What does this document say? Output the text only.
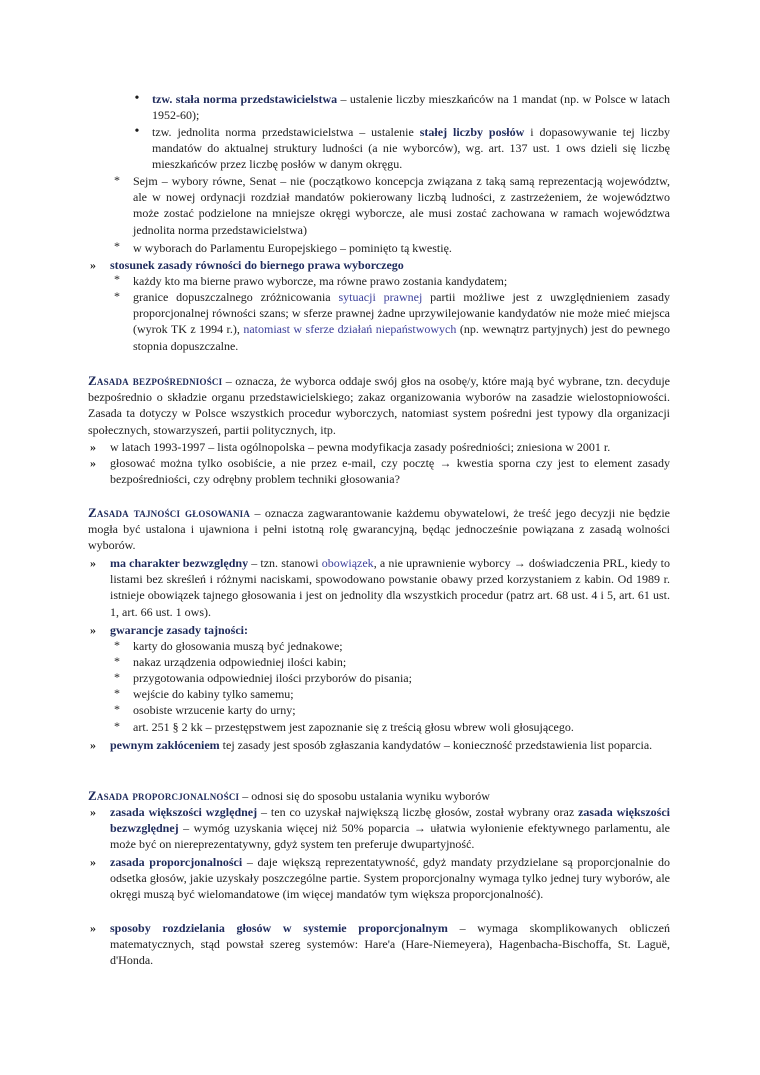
•	tzw. stała norma przedstawicielstwa – ustalenie liczby mieszkańców na 1 mandat (np. w Polsce w latach 1952-60);
•	tzw. jednolita norma przedstawicielstwa – ustalenie stałej liczby posłów i dopasowywanie tej liczby mandatów do aktualnej struktury ludności (a nie wyborców), wg. art. 137 ust. 1 ows dzieli się liczbę mieszkańców przez liczbę posłów w danym okręgu.
*	Sejm – wybory równe, Senat – nie (początkowo koncepcja związana z taką samą reprezentacją województw, ale w nowej ordynacji rozdział mandatów pokierowany liczbą ludności, z zastrzeżeniem, że województwo może zostać podzielone na mniejsze okręgi wyborcze, ale musi zostać zachowana w ramach województwa jednolita norma przedstawicielstwa)
*	w wyborach do Parlamentu Europejskiego – pominięto tą kwestię.
»	stosunek zasady równości do biernego prawa wyborczego
*	każdy kto ma bierne prawo wyborcze, ma równe prawo zostania kandydatem;
*	granice dopuszczalnego zróżnicowania sytuacji prawnej partii możliwe jest z uwzględnieniem zasady proporcjonalnej równości szans; w sferze prawnej żadne uprzywilejowanie kandydatów nie może mieć miejsca (wyrok TK z 1994 r.), natomiast w sferze działań niepaństwowych (np. wewnątrz partyjnych) jest do pewnego stopnia dopuszczalne.
Zasada bezpośredniości – oznacza, że wyborca oddaje swój głos na osobę/y, które mają być wybrane, tzn. decyduje bezpośrednio o składzie organu przedstawicielskiego; zakaz organizowania wyborów na zasadzie wielostopniowości. Zasada ta dotyczy w Polsce wszystkich procedur wyborczych, natomiast system pośredni jest typowy dla organizacji społecznych, stowarzyszeń, partii politycznych, itp.
»	w latach 1993-1997 – lista ogólnopolska – pewna modyfikacja zasady pośredniości; zniesiona w 2001 r.
»	głosować można tylko osobiście, a nie przez e-mail, czy pocztę → kwestia sporna czy jest to element zasady bezpośredniości, czy odrębny problem techniki głosowania?
Zasada tajności głosowania – oznacza zagwarantowanie każdemu obywatelowi, że treść jego decyzji nie będzie mogła być ustalona i ujawniona i pełni istotną rolę gwarancyjną, będąc jednocześnie powiązana z zasadą wolności wyborów.
»	ma charakter bezwzględny – tzn. stanowi obowiązek, a nie uprawnienie wyborcy → doświadczenia PRL, kiedy to listami bez skreśleń i różnymi naciskami, spowodowano powstanie obawy przed korzystaniem z kabin. Od 1989 r. istnieje obowiązek tajnego głosowania i jest on jednolity dla wszystkich procedur (patrz art. 68 ust. 4 i 5, art. 61 ust. 1, art. 66 ust. 1 ows).
»	gwarancje zasady tajności:
*	karty do głosowania muszą być jednakowe;
*	nakaz urządzenia odpowiedniej ilości kabin;
*	przygotowania odpowiedniej ilości przyborów do pisania;
*	wejście do kabiny tylko samemu;
*	osobiste wrzucenie karty do urny;
*	art. 251 § 2 kk – przestępstwem jest zapoznanie się z treścią głosu wbrew woli głosującego.
»	pewnym zakłóceniem tej zasady jest sposób zgłaszania kandydatów – konieczność przedstawienia list poparcia.
Zasada proporcjonalności – odnosi się do sposobu ustalania wyniku wyborów
»	zasada większości względnej – ten co uzyskał największą liczbę głosów, został wybrany oraz zasada większości bezwzględnej – wymóg uzyskania więcej niż 50% poparcia → ułatwia wyłonienie efektywnego parlamentu, ale może być on niereprezentatywny, gdyż system ten preferuje dwupartyjność.
»	zasada proporcjonalności – daje większą reprezentatywność, gdyż mandaty przydzielane są proporcjonalnie do odsetka głosów, jakie uzyskały poszczególne partie. System proporcjonalny wymaga tylko jednej tury wyborów, ale okręgi muszą być wielomandatowe (im więcej mandatów tym większa proporcjonalność).
»	sposoby rozdzielania głosów w systemie proporcjonalnym – wymaga skomplikowanych obliczeń matematycznych, stąd powstał szereg systemów: Hare'a (Hare-Niemeyera), Hagenbacha-Bischoffa, St. Laguë, d'Honda.
